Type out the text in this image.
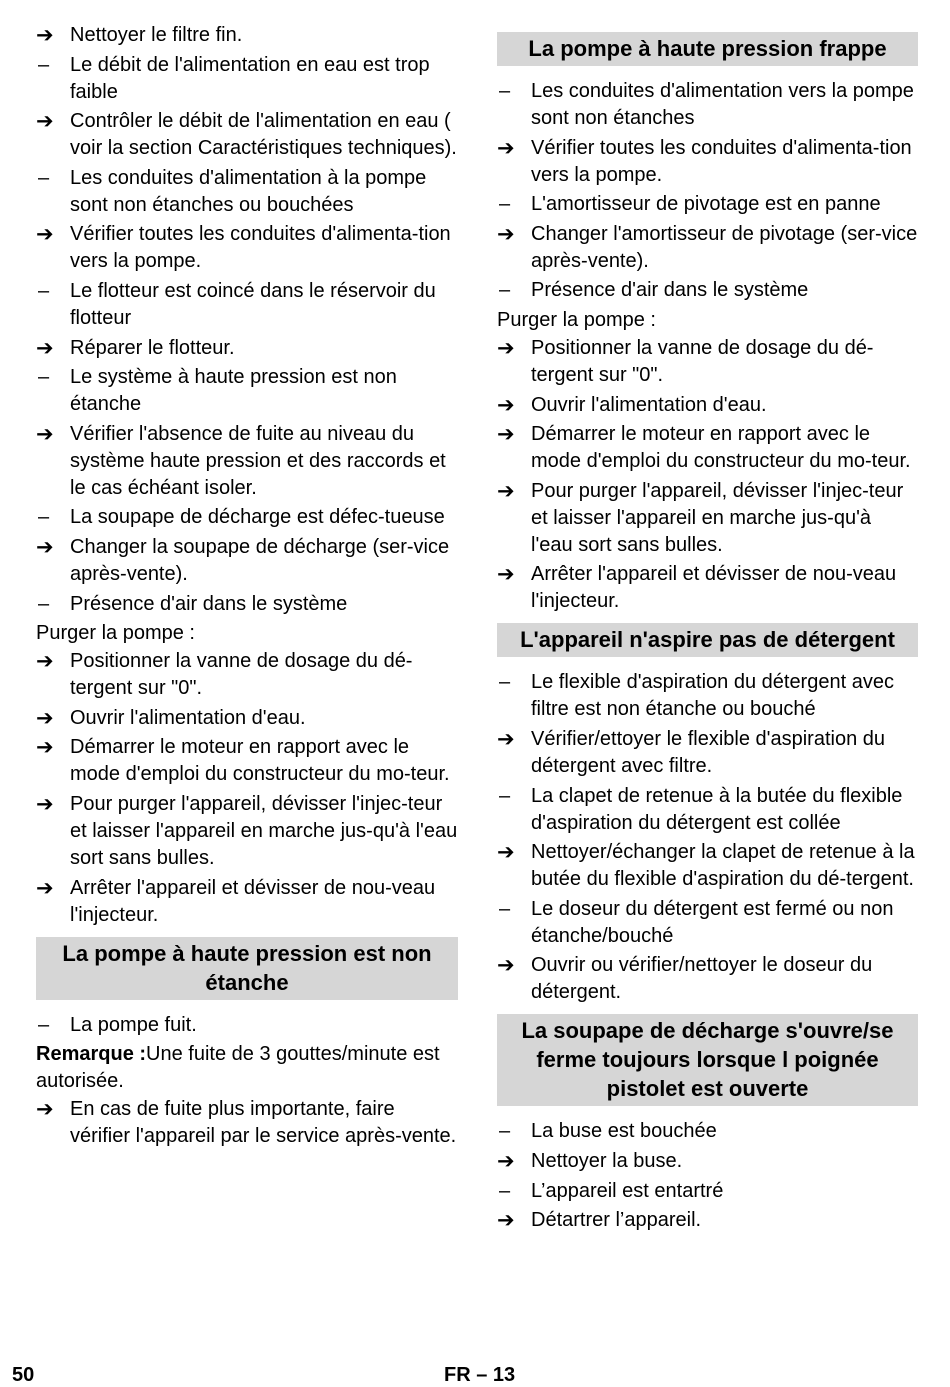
➔ Nettoyer le filtre fin.
–	Le débit de l'alimentation en eau est trop faible
➔ Contrôler le débit de l'alimentation en eau ( voir la section Caractéristiques techniques).
–	Les conduites d'alimentation à la pompe sont non étanches ou bouchées
➔ Vérifier toutes les conduites d'alimenta-tion vers la pompe.
–	Le flotteur est coincé dans le réservoir du flotteur
➔ Réparer le flotteur.
–	Le système à haute pression est non étanche
➔ Vérifier l'absence de fuite au niveau du système haute pression et des raccords et le cas échéant isoler.
–	La soupape de décharge est défec-tueuse
➔ Changer la soupape de décharge (ser-vice après-vente).
–	Présence d'air dans le système
Purger la pompe :
➔ Positionner la vanne de dosage du dé-tergent sur "0".
➔ Ouvrir l'alimentation d'eau.
➔ Démarrer le moteur en rapport avec le mode d'emploi du constructeur du mo-teur.
➔ Pour purger l'appareil, dévisser l'injec-teur et laisser l'appareil en marche jus-qu'à l'eau sort sans bulles.
➔ Arrêter l'appareil et dévisser de nou-veau l'injecteur.
La pompe à haute pression est non étanche
–	La pompe fuit.
Remarque :Une fuite de 3 gouttes/minute est autorisée.
➔ En cas de fuite plus importante, faire vérifier l'appareil par le service après-vente.
La pompe à haute pression frappe
–	Les conduites d'alimentation vers la pompe sont non étanches
➔ Vérifier toutes les conduites d'alimenta-tion vers la pompe.
–	L'amortisseur de pivotage est en panne
➔ Changer l'amortisseur de pivotage (ser-vice après-vente).
–	Présence d'air dans le système
Purger la pompe :
➔ Positionner la vanne de dosage du dé-tergent sur "0".
➔ Ouvrir l'alimentation d'eau.
➔ Démarrer le moteur en rapport avec le mode d'emploi du constructeur du mo-teur.
➔ Pour purger l'appareil, dévisser l'injec-teur et laisser l'appareil en marche jus-qu'à l'eau sort sans bulles.
➔ Arrêter l'appareil et dévisser de nou-veau l'injecteur.
L'appareil n'aspire pas de détergent
–	Le flexible d'aspiration du détergent avec filtre est non étanche ou bouché
➔ Vérifier/ettoyer le flexible d'aspiration du détergent avec filtre.
–	La clapet de retenue à la butée du flexible d'aspiration du détergent est collée
➔ Nettoyer/échanger la clapet de retenue à la butée du flexible d'aspiration du dé-tergent.
–	Le doseur du détergent est fermé ou non étanche/bouché
➔ Ouvrir ou vérifier/nettoyer le doseur du détergent.
La soupape de décharge s'ouvre/se ferme toujours lorsque l poignée pistolet est ouverte
–	La buse est bouchée
➔ Nettoyer la buse.
–	L’appareil est entartré
➔ Détartrer l’appareil.
50	FR – 13
